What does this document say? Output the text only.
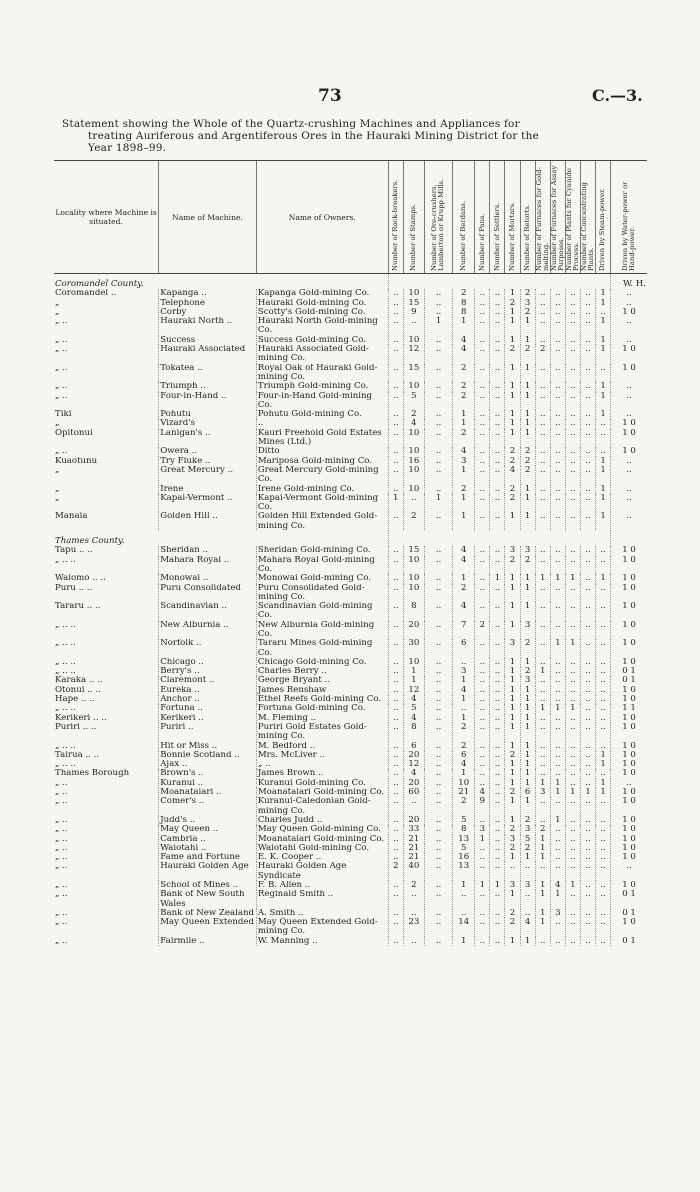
73	C.—3.
Statement showing the Whole of the Quartz-crushing Machines and Appliances for
treating Auriferous and Argentiferous Ores in the Hauraki Mining District for the
Year 1898–99.
Locality where Machine is situated.	Name of Machine.	Name of Owners.	Number of Rock-breakers.	Number of Stamps.	Number of Ore-crushers, Lamberton or Krupp Mills.	Number of Berdans.	Number of Pans.	Number of Settlers.	Number of Mortars.	Number of Retorts.	Number of Furnaces for Gold-melting.	Number of Furnaces for Assay Purposes.	Number of Plants for Cyanide Process.	Number of Concentrating Plants.	Driven by Steam-power.	Driven by Water-power or Hand-power.

Coromandel County.																W. H.
Coromandel ..	Kapanga ..	Kapanga Gold-mining Co.	..	10	..	2	..	..	1	2	..	..	..	..	1	..
„	Telephone	Hauraki Gold-mining Co.	..	15	..	8	..	..	2	3	..	..	..	..	1	..
„	Corby	Scotty's Gold-mining Co.	..	9	..	8	..	..	1	2	..	..	..	..	..	1 0
„ ..	Hauraki North ..	Hauraki North Gold-mining Co.	..	..	1	1	..	..	1	1	..	..	..	..	1	..
„ ..	Success	Success Gold-mining Co.	..	10	..	4	..	..	1	1	..	..	..	..	1	..
„ ..	Hauraki Associated	Hauraki Associated Gold-mining Co.	..	12	..	4	..	..	2	2	2	..	..	..	1	1 0
„ ..	Tokatea ..	Royal Oak of Hauraki Gold-mining Co.	..	15	..	2	..	..	1	1	..	..	..	..	..	1 0
„ ..	Triumph ..	Triumph Gold-mining Co.	..	10	..	2	..	..	1	1	..	..	..	..	1	..
„ ..	Four-in-Hand ..	Four-in-Hand Gold-mining Co.	..	5	..	2	..	..	1	1	..	..	..	..	1	..
Tiki	Pohutu	Pohutu Gold-mining Co.	..	2	..	1	..	..	1	1	..	..	..	..	1	..
„	Vizard's	..	..	4	..	1	..	..	1	1	..	..	..	..	..	1 0
Opitonui	Lanigan's ..	Kauri Freehold Gold Estates Mines (Ltd.)	..	10	..	2	..	..	1	1	..	..	..	..	..	1 0
„ ..	Owera ..	Ditto	..	10	..	4	..	..	2	2	..	..	..	..	..	1 0
Kuaotunu	Try Fluke ..	Mariposa Gold-mining Co.	..	16	..	3	..	..	2	2	..	..	..	..	1	..
„	Great Mercury ..	Great Mercury Gold-mining Co.	..	10	..	1	..	..	4	2	..	..	..	..	1	..
„	Irene	Irene Gold-mining Co.	..	10	..	2	..	..	2	1	..	..	..	..	1	..
„	Kapai-Vermont ..	Kapai-Vermont Gold-mining Co.	1	..	1	1	..	..	2	1	..	..	..	..	1	..
Manaia	Golden Hill ..	Golden Hill Extended Gold-mining Co.	..	2	..	1	..	..	1	1	..	..	..	..	1	..
Thames County.																
Tapu .. ..	Sheridan ..	Sheridan Gold-mining Co.	..	15	..	4	..	..	3	3	..	..	..	..	..	1 0
„ .. ..	Mahara Royal ..	Mahara Royal Gold-mining Co.	..	10	..	4	..	..	2	2	..	..	..	..	..	1 0
Waiomo .. ..	Monowai ..	Monowai Gold-mining Co.	..	10	..	1	..	1	1	1	1	1	1	..	1	1 0
Puru .. ..	Puru Consolidated	Puru Consolidated Gold-mining Co.	..	10	..	2	..	..	1	1	..	..	..	..	..	1 0
Tararu .. ..	Scandinavian ..	Scandinavian Gold-mining Co.	..	8	..	4	..	..	1	1	..	..	..	..	..	1 0
„ .. ..	New Alburnia ..	New Alburnia Gold-mining Co.	..	20	..	7	2	..	1	3	..	..	..	..	..	1 0
„ .. ..	Norfolk ..	Tararu Mines Gold-mining Co.	..	30	..	6	..	..	3	2	..	1	1	..	..	1 0
„ .. ..	Chicago ..	Chicago Gold-mining Co.	..	10	..	..	..	..	1	1	..	..	..	..	..	1 0
„ .. ..	Berry's ..	Charles Berry ..	..	1	..	3	..	..	1	2	1	..	..	..	..	0 1
Karaka .. ..	Claremont ..	George Bryant ..	..	1	..	1	..	..	1	3	..	..	..	..	..	0 1
Otonui .. ..	Eureka ..	James Renshaw	..	12	..	4	..	..	1	1	..	..	..	..	..	1 0
Hape .. ..	Anchor ..	Ethel Reefs Gold-mining Co.	..	4	..	1	..	..	1	1	..	..	..	..	..	1 0
„ .. ..	Fortuna ..	Fortuna Gold-mining Co.	..	5	..	..	..	..	1	1	1	1	1	..	..	1 1
Kerikeri .. ..	Kerikeri ..	M. Fleming ..	..	4	..	1	..	..	1	1	..	..	..	..	..	1 0
Puriri .. ..	Puriri ..	Puriri Gold Estates Gold-mining Co.	..	8	..	2	..	..	1	1	..	..	..	..	..	1 0
„ .. ..	Hit or Miss ..	M. Bedford ..	..	6	..	2	..	..	1	1	..	..	..	..	..	1 0
Tairua .. ..	Bonnie Scotland ..	Mrs. McLiver ..	..	20	..	6	..	..	2	1	..	..	..	..	1	1 0
„ .. ..	Ajax ..	„ ..	..	12	..	4	..	..	1	1	..	..	..	..	1	1 0
Thames Borough	Brown's ..	James Brown ..	..	4	..	1	..	..	1	1	..	..	..	..	..	1 0
„ ..	Kuranui ..	Kuranui Gold-mining Co.	..	20	..	10	..	..	1	1	1	1	..	..	1	..
„ ..	Moanataiari ..	Moanataiari Gold-mining Co.	..	60	..	21	4	..	2	6	3	1	1	1	1	1 0
„ ..	Comer's ..	Kuranui-Caledonian Gold-mining Co.	..	..	..	2	9	..	1	1	..	..	..	..	..	1 0
„ ..	Judd's ..	Charles Judd ..	..	20	..	5	..	..	1	2	..	1	..	..	..	1 0
„ ..	May Queen ..	May Queen Gold-mining Co.	..	33	..	8	3	..	2	3	2	..	..	..	..	1 0
„ ..	Cambria ..	Moanataiari Gold-mining Co.	..	21	..	13	1	..	3	5	1	..	..	..	..	1 0
„ ..	Waiotahi ..	Waiotahi Gold-mining Co.	..	21	..	5	..	..	2	2	1	..	..	..	..	1 0
„ ..	Fame and Fortune	E. K. Cooper ..	..	21	..	16	..	..	1	1	1	..	..	..	..	1 0
„ ..	Hauraki Golden Age	Hauraki Golden Age Syndicate	2	40	..	13	..	..	..	..	..	..	..	..	..	..
„ ..	School of Mines ..	F. B. Allen ..	..	2	..	1	1	1	3	3	1	4	1	..	..	1 0
„ ..	Bank of New South Wales	Reginald Smith ..	..	..	..	..	..	..	1	..	1	1	..	..	..	0 1
„ ..	Bank of New Zealand	A. Smith ..	..	..	..	..	..	..	2	..	1	3	..	..	..	0 1
„ ..	May Queen Extended	May Queen Extended Gold-mining Co.	..	23	..	14	..	..	2	4	1	..	..	..	..	1 0
„ ..	Fairmile ..	W. Manning ..	..	..	..	1	..	..	1	1	..	..	..	..	..	0 1
